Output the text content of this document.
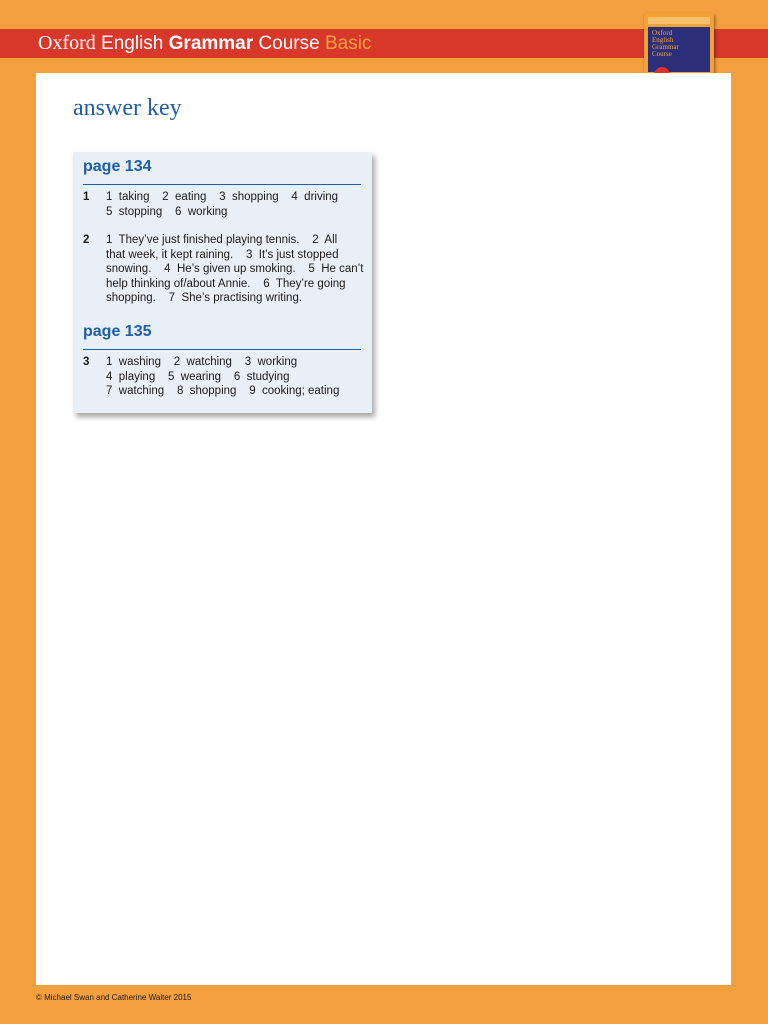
Oxford English Grammar Course Basic	Oxford
English
Grammar
Course
answer key
page 134
1 1  taking    2  eating    3  shopping    4  driving
5  stopping    6  working
2 1  They’ve just finished playing tennis.    2  All
that week, it kept raining.    3  It’s just stopped
snowing.    4  He’s given up smoking.    5  He can’t
help thinking of/about Annie.    6  They’re going
shopping.    7  She’s practising writing.
page 135
3 1  washing    2  watching    3  working
4  playing    5  wearing    6  studying
7  watching    8  shopping    9  cooking; eating
© Michael Swan and Catherine Walter 2015
